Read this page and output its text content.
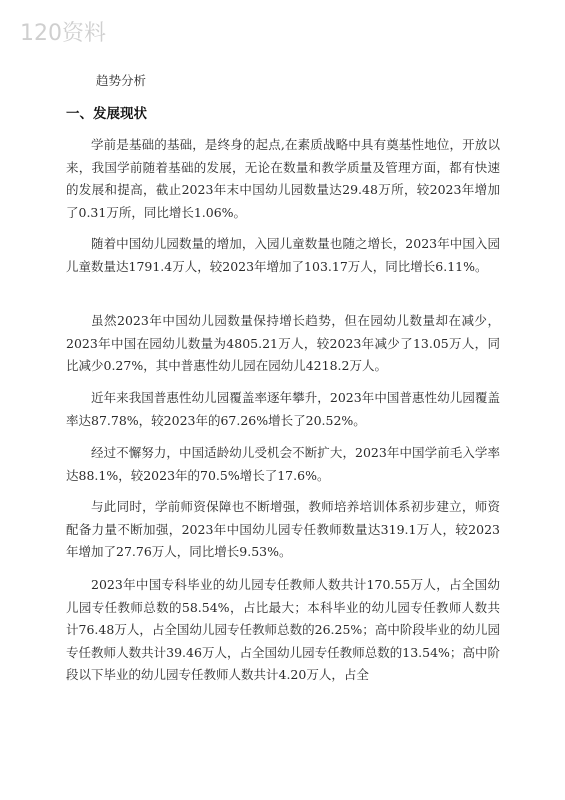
120资料
趋势分析
一、发展现状

学前是基础的基础，是终身的起点,在素质战略中具有奠基性地位，开放以来，我国学前随着基础的发展，无论在数量和教学质量及管理方面，都有快速的发展和提高，截止2023年末中国幼儿园数量达29.48万所，较2023年增加了0.31万所，同比增长1.06%。

随着中国幼儿园数量的增加，入园儿童数量也随之增长，2023年中国入园儿童数量达1791.4万人，较2023年增加了103.17万人，同比增长6.11%。

虽然2023年中国幼儿园数量保持增长趋势，但在园幼儿数量却在减少，2023年中国在园幼儿数量为4805.21万人，较2023年减少了13.05万人，同比减少0.27%，其中普惠性幼儿园在园幼儿4218.2万人。

近年来我国普惠性幼儿园覆盖率逐年攀升，2023年中国普惠性幼儿园覆盖率达87.78%，较2023年的67.26%增长了20.52%。

经过不懈努力，中国适龄幼儿受机会不断扩大，2023年中国学前毛入学率达88.1%，较2023年的70.5%增长了17.6%。

与此同时，学前师资保障也不断增强，教师培养培训体系初步建立，师资配备力量不断加强，2023年中国幼儿园专任教师数量达319.1万人，较2023年增加了27.76万人，同比增长9.53%。

2023年中国专科毕业的幼儿园专任教师人数共计170.55万人，占全国幼儿园专任教师总数的58.54%，占比最大；本科毕业的幼儿园专任教师人数共计76.48万人，占全国幼儿园专任教师总数的26.25%；高中阶段毕业的幼儿园专任教师人数共计39.46万人，占全国幼儿园专任教师总数的13.54%；高中阶段以下毕业的幼儿园专任教师人数共计4.20万人，占全
